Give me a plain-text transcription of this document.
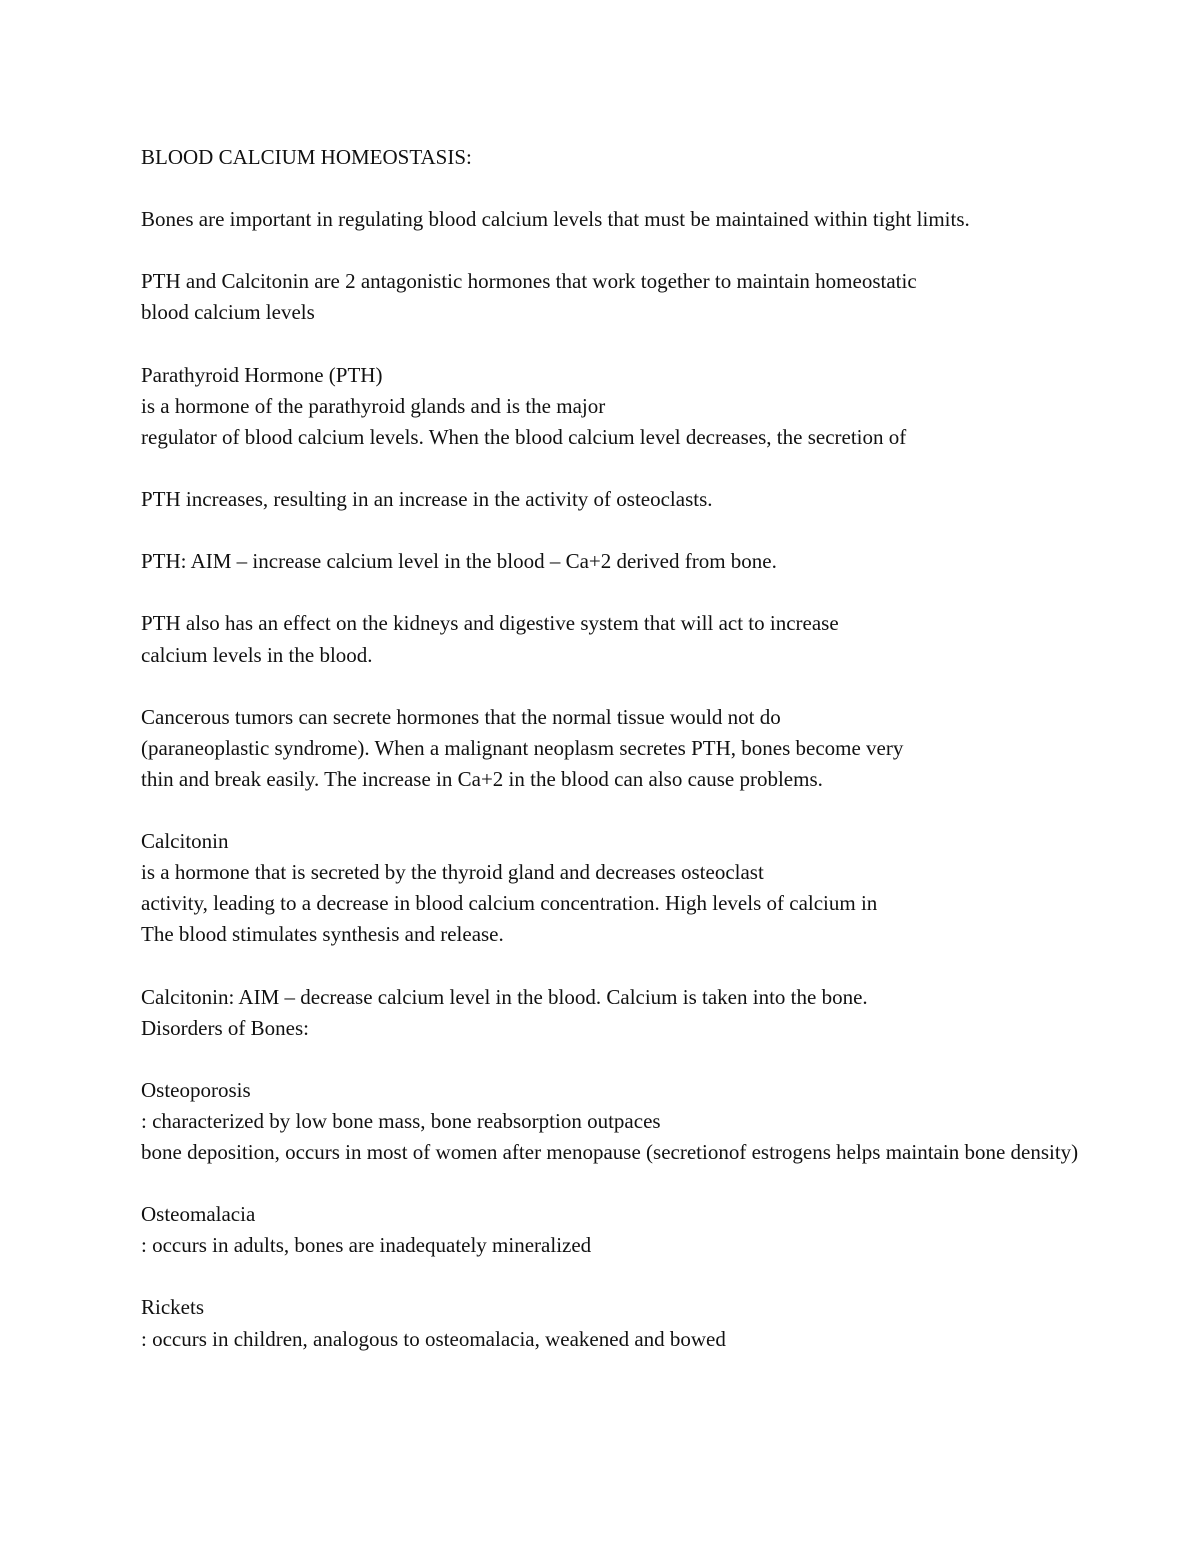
BLOOD CALCIUM HOMEOSTASIS:
Bones are important in regulating blood calcium levels that must be maintained within tight limits.
PTH and Calcitonin are 2 antagonistic hormones that work together to maintain homeostatic
blood calcium levels
Parathyroid Hormone (PTH)
is a hormone of the parathyroid glands and is the major
regulator of blood calcium levels. When the blood calcium level decreases, the secretion of
PTH increases, resulting in an increase in the activity of osteoclasts.
PTH: AIM – increase calcium level in the blood – Ca+2 derived from bone.
PTH also has an effect on the kidneys and digestive system that will act to increase
calcium levels in the blood.
Cancerous tumors can secrete hormones that the normal tissue would not do
(paraneoplastic syndrome). When a malignant neoplasm secretes PTH, bones become very
thin and break easily. The increase in Ca+2 in the blood can also cause problems.
Calcitonin
is a hormone that is secreted by the thyroid gland and decreases osteoclast
activity, leading to a decrease in blood calcium concentration. High levels of calcium in
The blood stimulates synthesis and release.
Calcitonin: AIM – decrease calcium level in the blood. Calcium is taken into the bone.
Disorders of Bones:
Osteoporosis
: characterized by low bone mass, bone reabsorption outpaces
bone deposition, occurs in most of women after menopause (secretionof estrogens helps maintain bone density)
Osteomalacia
: occurs in adults, bones are inadequately mineralized
Rickets
: occurs in children, analogous to osteomalacia, weakened and bowed
